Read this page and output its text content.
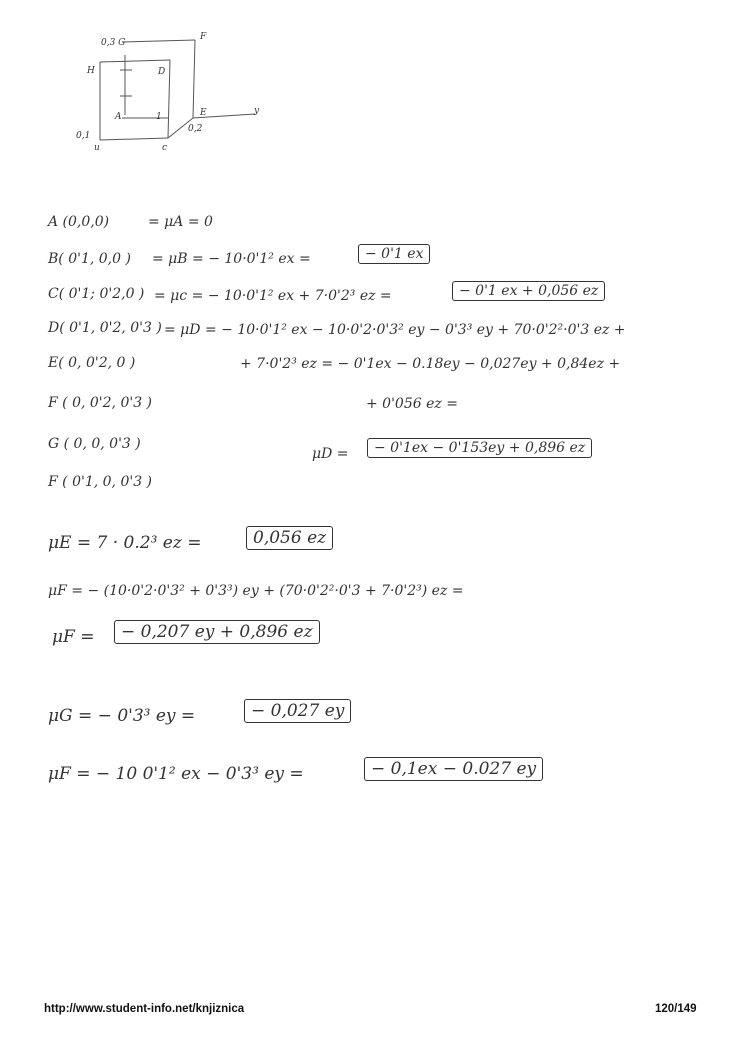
0,3 G
F
H	D
E	y
A	1
0,1
0,2
u	c
A (0,0,0)
B( 0'1, 0,0 )
C( 0'1; 0'2,0 )
D( 0'1, 0'2, 0'3 )
E( 0, 0'2, 0 )
F ( 0, 0'2, 0'3 )
G ( 0, 0, 0'3 )
F ( 0'1, 0, 0'3 )
= μA = 0
= μB = − 10·0'1² ex =	− 0'1 ex
= μc = − 10·0'1² ex + 7·0'2³ ez =	− 0'1 ex + 0,056 ez
= μD = − 10·0'1² ex − 10·0'2·0'3² ey − 0'3³ ey + 70·0'2²·0'3 ez +
+ 7·0'2³ ez = − 0'1ex − 0.18ey − 0,027ey + 0,84ez +
+ 0'056 ez =
μD =	− 0'1ex − 0'153ey + 0,896 ez
μE = 7 · 0.2³ ez =	0,056 ez
μF = − (10·0'2·0'3² + 0'3³) ey + (70·0'2²·0'3 + 7·0'2³) ez =
μF =	− 0,207 ey + 0,896 ez
μG = − 0'3³ ey =	− 0,027 ey
μF = − 10 0'1² ex − 0'3³ ey =	− 0,1ex − 0.027 ey
http://www.student-info.net/knjiznica	120/149
